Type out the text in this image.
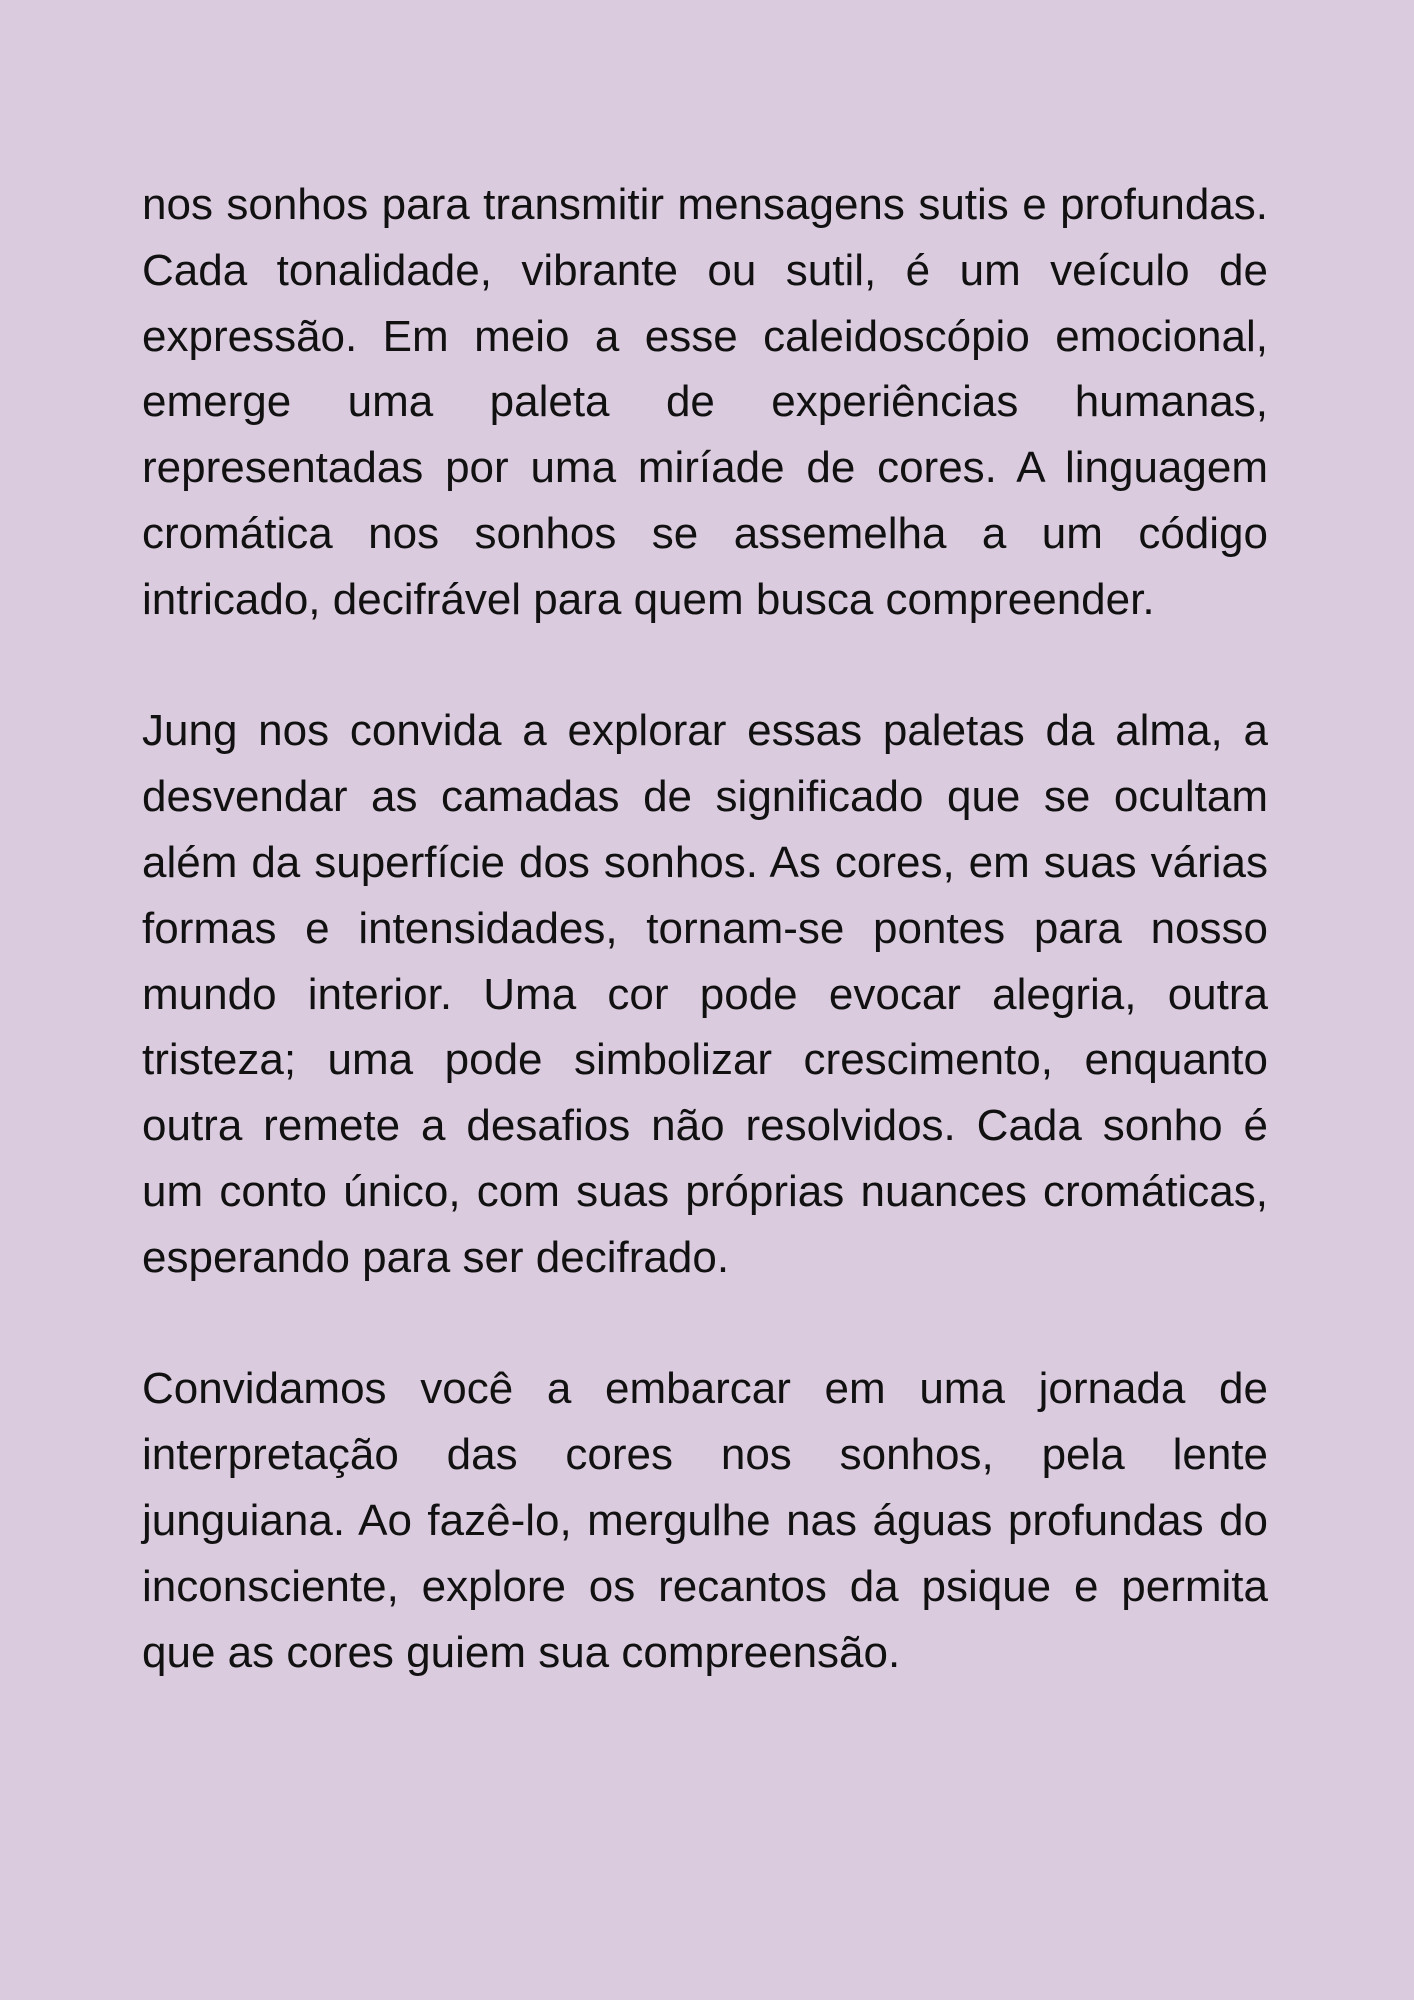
nos sonhos para transmitir mensagens sutis e profundas. Cada tonalidade, vibrante ou sutil, é um veículo de expressão. Em meio a esse caleidoscópio emocional, emerge uma paleta de experiências humanas, representadas por uma miríade de cores. A linguagem cromática nos sonhos se assemelha a um código intricado, decifrável para quem busca compreender.

Jung nos convida a explorar essas paletas da alma, a desvendar as camadas de significado que se ocultam além da superfície dos sonhos. As cores, em suas várias formas e intensidades, tornam-se pontes para nosso mundo interior. Uma cor pode evocar alegria, outra tristeza; uma pode simbolizar crescimento, enquanto outra remete a desafios não resolvidos. Cada sonho é um conto único, com suas próprias nuances cromáticas, esperando para ser decifrado.

Convidamos você a embarcar em uma jornada de interpretação das cores nos sonhos, pela lente junguiana. Ao fazê-lo, mergulhe nas águas profundas do inconsciente, explore os recantos da psique e permita que as cores guiem sua compreensão.
